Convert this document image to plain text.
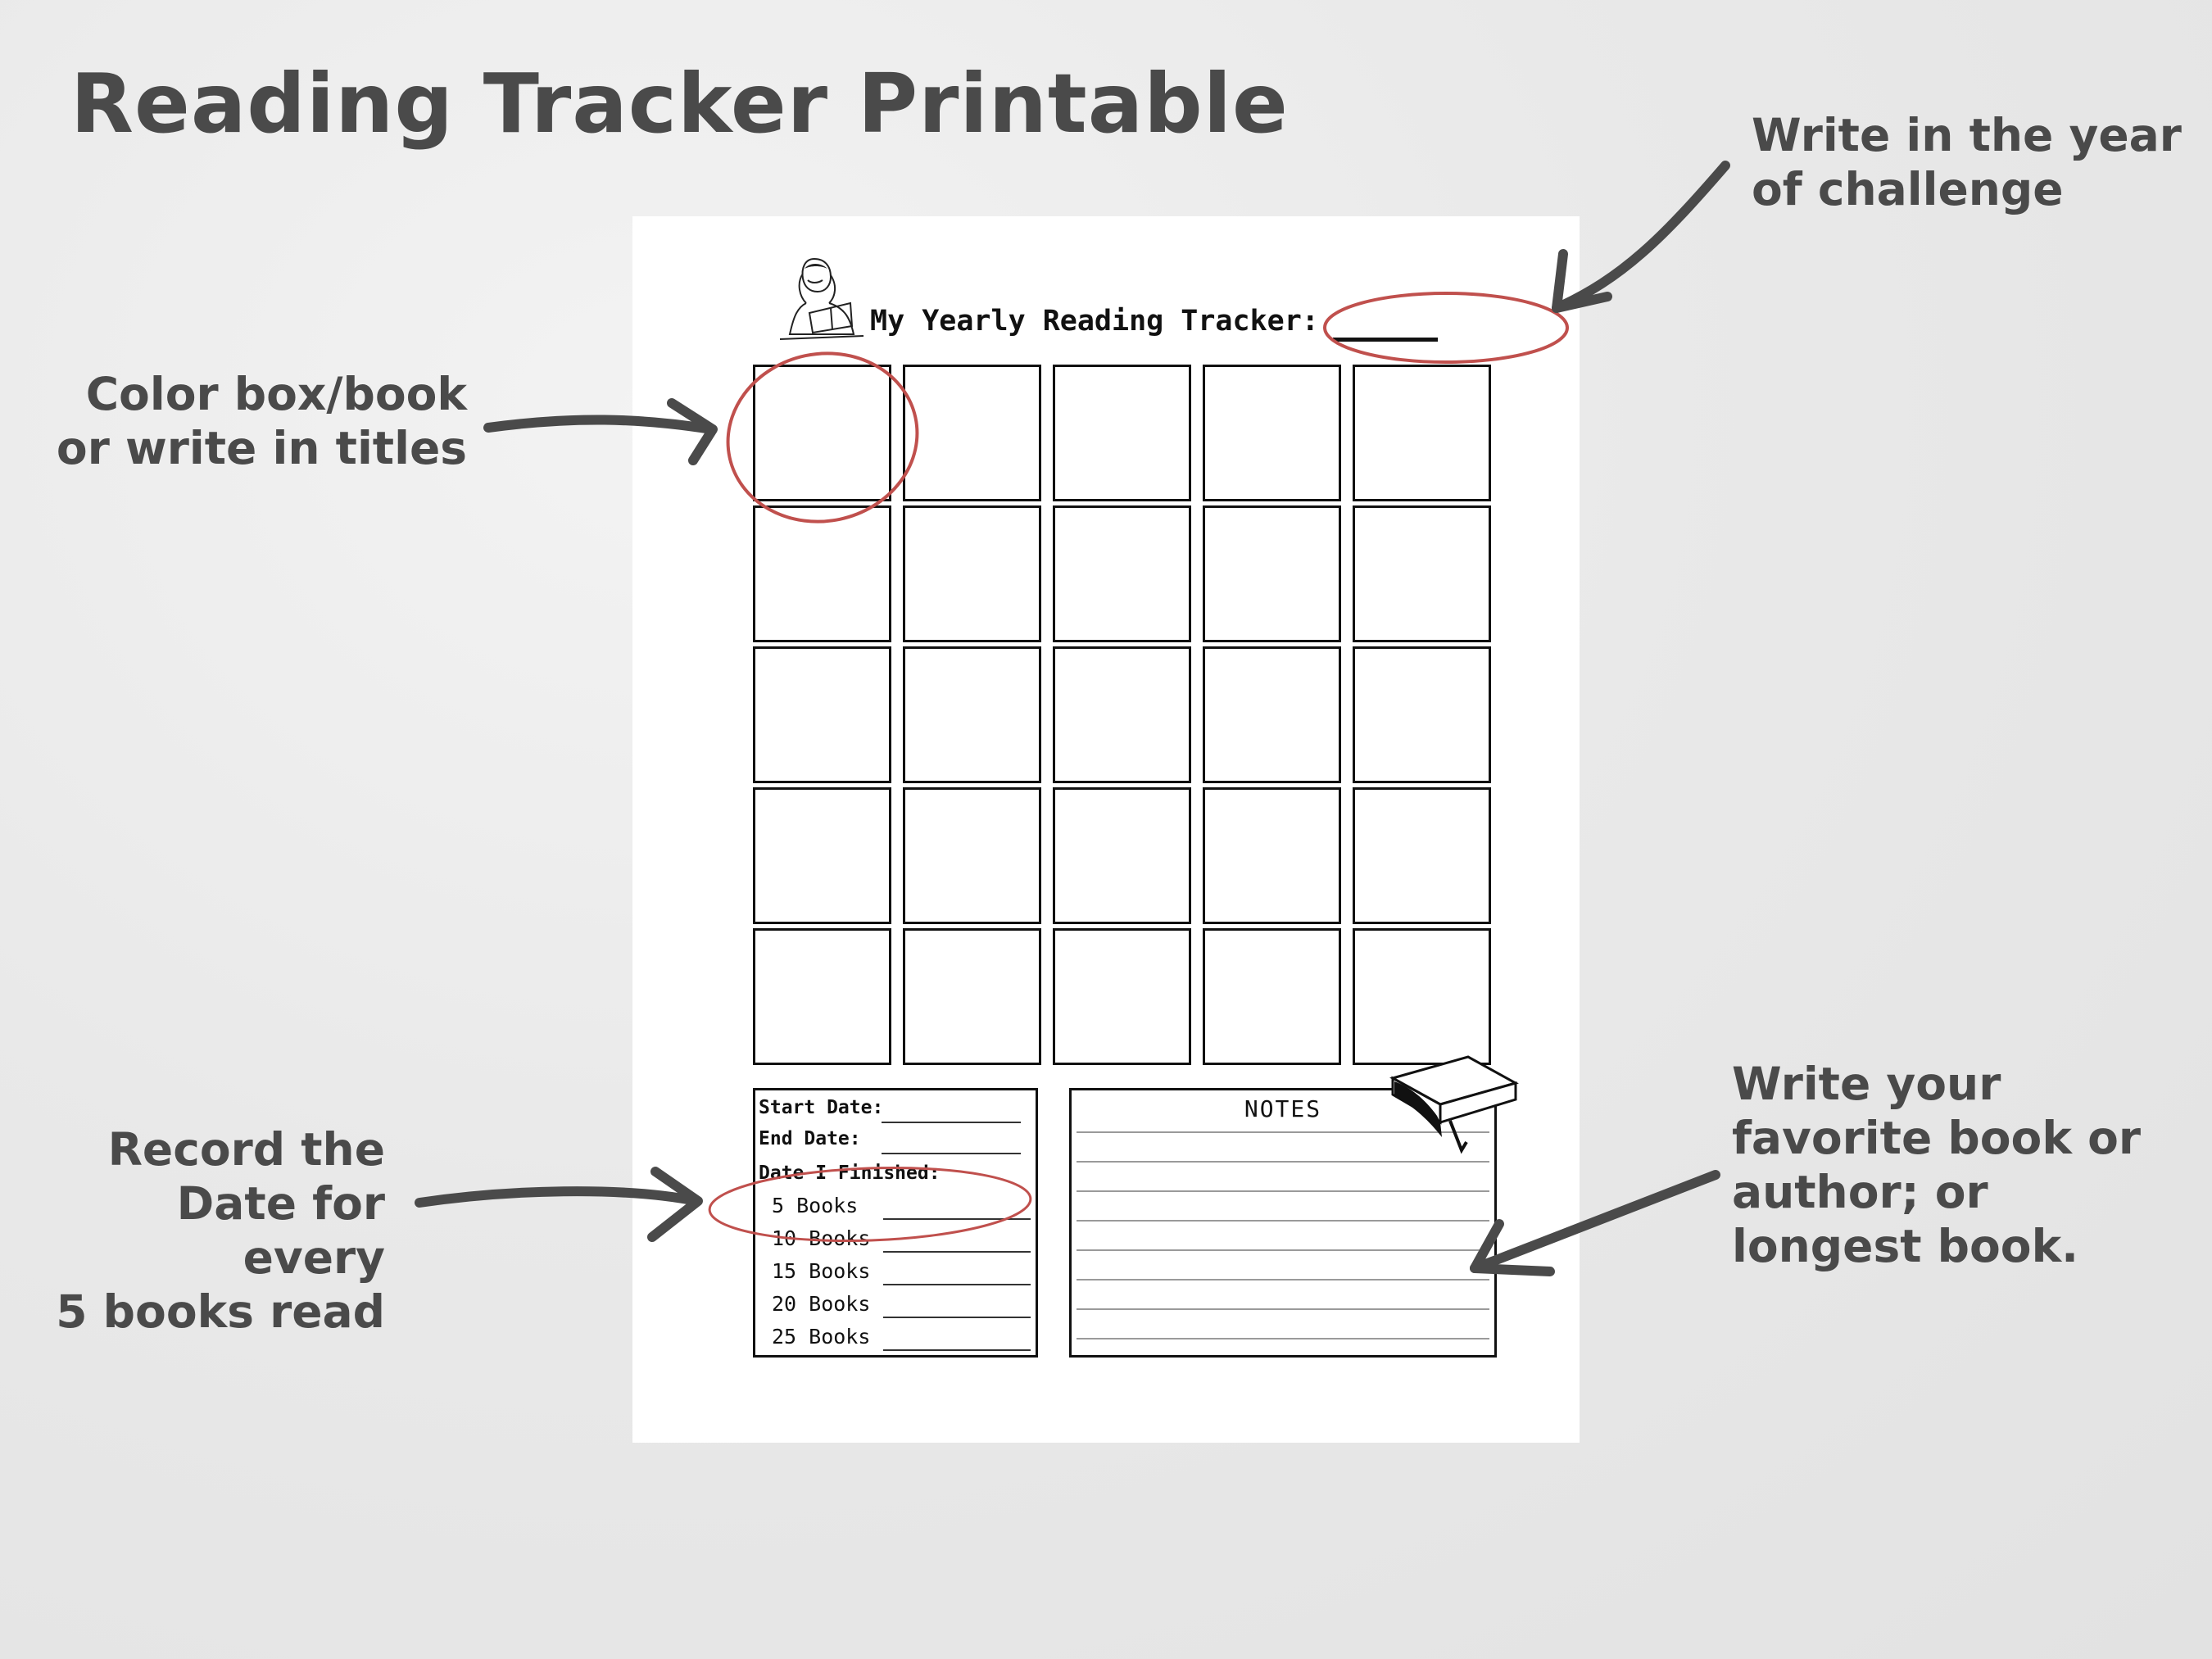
Reading Tracker Printable	Write in the year
of challenge
Color box/book
or write in titles
Record the
Date for every
5 books read
Write your
favorite book or
author; or
longest book.

My Yearly Reading Tracker:

Start Date:
End Date:
Date I Finished:
5 Books
10 Books
15 Books
20 Books
25 Books

NOTES
